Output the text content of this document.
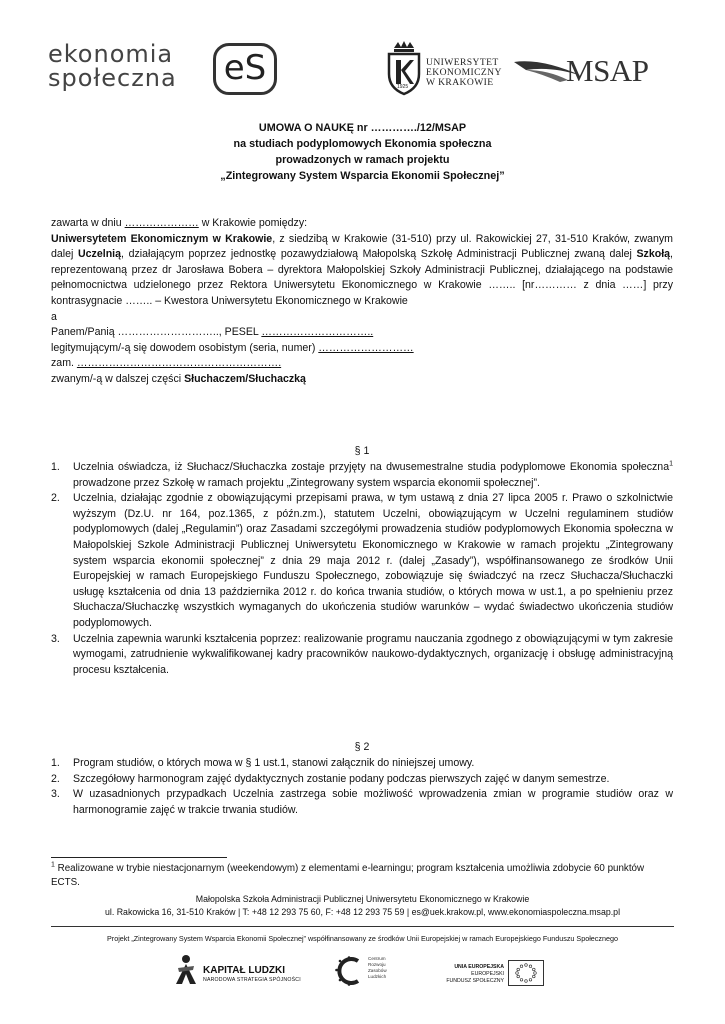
ekonomia
społeczna	eS	UNIWERSYTET
EKONOMICZNY
W KRAKOWIE
1925	MSAP
UMOWA O NAUKĘ nr …………./12/MSAP
na studiach podyplomowych Ekonomia społeczna
prowadzonych w ramach projektu
„Zintegrowany System Wsparcia Ekonomii Społecznej”
zawarta w dniu ………………… w Krakowie pomiędzy:
Uniwersytetem Ekonomicznym w Krakowie, z siedzibą w Krakowie (31-510) przy ul. Rakowickiej 27, 31-510 Kraków, zwanym dalej Uczelnią, działającym poprzez jednostkę pozawydziałową Małopolską Szkołę Administracji Publicznej zwaną dalej Szkołą, reprezentowaną przez dr Jarosława Bobera – dyrektora Małopolskiej Szkoły Administracji Publicznej, działającego na podstawie pełnomocnictwa udzielonego przez Rektora Uniwersytetu Ekonomicznego w Krakowie …….. [nr………… z dnia ……] przy kontrasygnacie …….. – Kwestora Uniwersytetu Ekonomicznego w Krakowie
a
Panem/Panią ……………………….., PESEL …………………………..
legitymującym/-ą się dowodem osobistym (seria, numer) ………………………
zam. ………………………………………………….
zwanym/-ą w dalszej części Słuchaczem/Słuchaczką
§ 1
1. Uczelnia oświadcza, iż Słuchacz/Słuchaczka zostaje przyjęty na dwusemestralne studia podyplomowe Ekonomia społeczna$^1$ prowadzone przez Szkołę w ramach projektu „Zintegrowany system wsparcia ekonomii społecznej”.
2. Uczelnia, działając zgodnie z obowiązującymi przepisami prawa, w tym ustawą z dnia 27 lipca 2005 r. Prawo o szkolnictwie wyższym (Dz.U. nr 164, poz.1365, z późn.zm.), statutem Uczelni, obowiązującym w Uczelni regulaminem studiów podyplomowych (dalej „Regulamin”) oraz Zasadami szczegółymi prowadzenia studiów podyplomowych Ekonomia społeczna w Małopolskiej Szkole Administracji Publicznej Uniwersytetu Ekonomicznego w Krakowie w ramach projektu „Zintegrowany system wsparcia ekonomii społecznej” z dnia 29 maja 2012 r. (dalej „Zasady”), współfinansowanego ze środków Unii Europejskiej w ramach Europejskiego Funduszu Społecznego, zobowiązuje się świadczyć na rzecz Słuchacza/Słuchaczki usługę kształcenia od dnia 13 października 2012 r. do końca trwania studiów, o których mowa w ust.1, a po spełnieniu przez Słuchacza/Słuchaczkę wszystkich wymaganych do ukończenia studiów warunków – wydać świadectwo ukończenia studiów podyplomowych.
3. Uczelnia zapewnia warunki kształcenia poprzez: realizowanie programu nauczania zgodnego z obowiązującymi w tym zakresie wymogami, zatrudnienie wykwalifikowanej kadry pracowników naukowo-dydaktycznych, organizację i obsługę administracyjną procesu kształcenia.
§ 2
1. Program studiów, o których mowa w § 1 ust.1, stanowi załącznik do niniejszej umowy.
2. Szczegółowy harmonogram zajęć dydaktycznych zostanie podany podczas pierwszych zajęć w danym semestrze.
3. W uzasadnionych przypadkach Uczelnia zastrzega sobie możliwość wprowadzenia zmian w programie studiów oraz w harmonogramie zajęć w trakcie trwania studiów.
$^1$ Realizowane w trybie niestacjonarnym (weekendowym) z elementami e-learningu; program kształcenia umożliwia zdobycie 60 punktów ECTS.
Małopolska Szkoła Administracji Publicznej Uniwersytetu Ekonomicznego w Krakowie
ul. Rakowicka 16, 31-510 Kraków | T: +48 12 293 75 60, F: +48 12 293 75 59 | es@uek.krakow.pl, www.ekonomiaspoleczna.msap.pl
Projekt „Zintegrowany System Wsparcia Ekonomii Społecznej” współfinansowany ze środków Unii Europejskiej w ramach Europejskiego Funduszu Społecznego
KAPITAŁ LUDZKI
NARODOWA STRATEGIA SPÓJNOŚCI
Centrum
Rozwoju
Zasobów
Ludzkich
UNIA EUROPEJSKA
EUROPEJSKI
FUNDUSZ SPOŁECZNY
